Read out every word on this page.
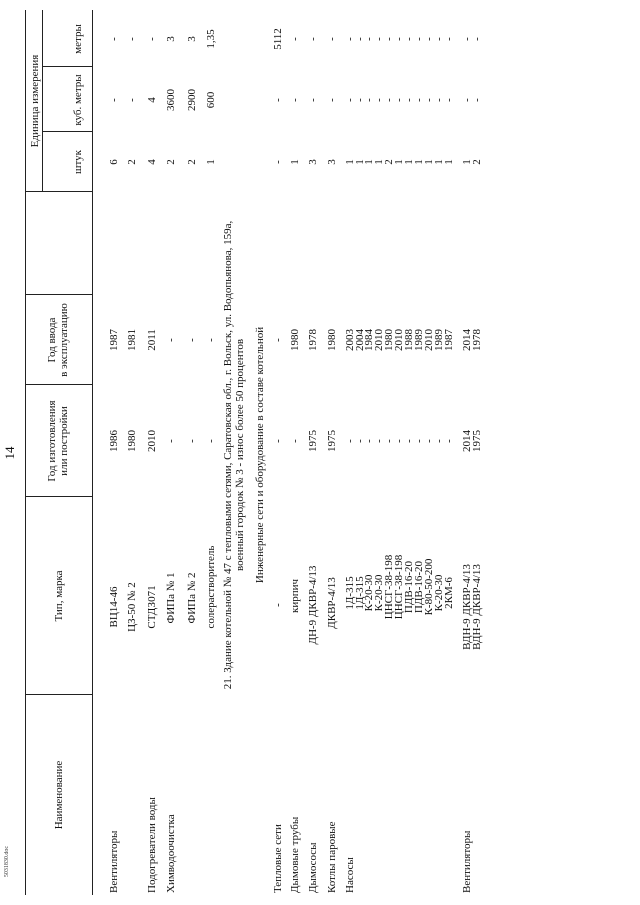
14
Наименование
Тип, марка
Год изготовления или постройки
Год ввода в эксплуатацию
Единица измерения
штук
куб. метры
метры
Вентиляторы
ВЦ14-46
1986
1987
6
-
-
ЦЗ-50 № 2
1980
1981
2
-
-
Подогреватели воды
СТДЗ071
2010
2011
4
4
-
Химводоочистка
ФИПа № 1
-
-
2
3600
3
ФИПа № 2
-
-
2
2900
3
солерастворитель
-
-
1
600
1,35
21. Здание котельной № 47 с тепловыми сетями, Саратовская обл., г. Вольск, ул. Водопьянова, 159а, военный городок № 3 - износ более 50 процентов Инженерные сети и оборудование в составе котельной
Тепловые сети
-
-
-
-
-
5112
Дымовые трубы
кирпич
-
1980
1
-
-
Дымососы
ДН-9 ДКВР-4/13
1975
1978
3
-
-
Котлы паровые
ДКВР-4/13
1975
1980
3
-
-
Насосы
1Д-315
-
2003
1
-
-
1Д-315
-
2004
1
-
-
К-20-30
-
1984
1
-
-
К-20-30
-
2010
1
-
-
ЦНСГ-38-198
-
1980
2
-
-
ЦНСГ-38-198
-
2010
1
-
-
ПДВ-16-20
-
1988
1
-
-
ПДВ-16-20
-
1989
1
-
-
К-80-50-200
-
2010
1
-
-
К-20-30
-
1989
1
-
-
2КМ-6
-
1987
1
-
-
Вентиляторы
ВДН-9 ДКВР-4/13
2014
2014
1
-
-
ВДН-9 ДКВР-4/13
1975
1978
2
-
-
5031830.doc
